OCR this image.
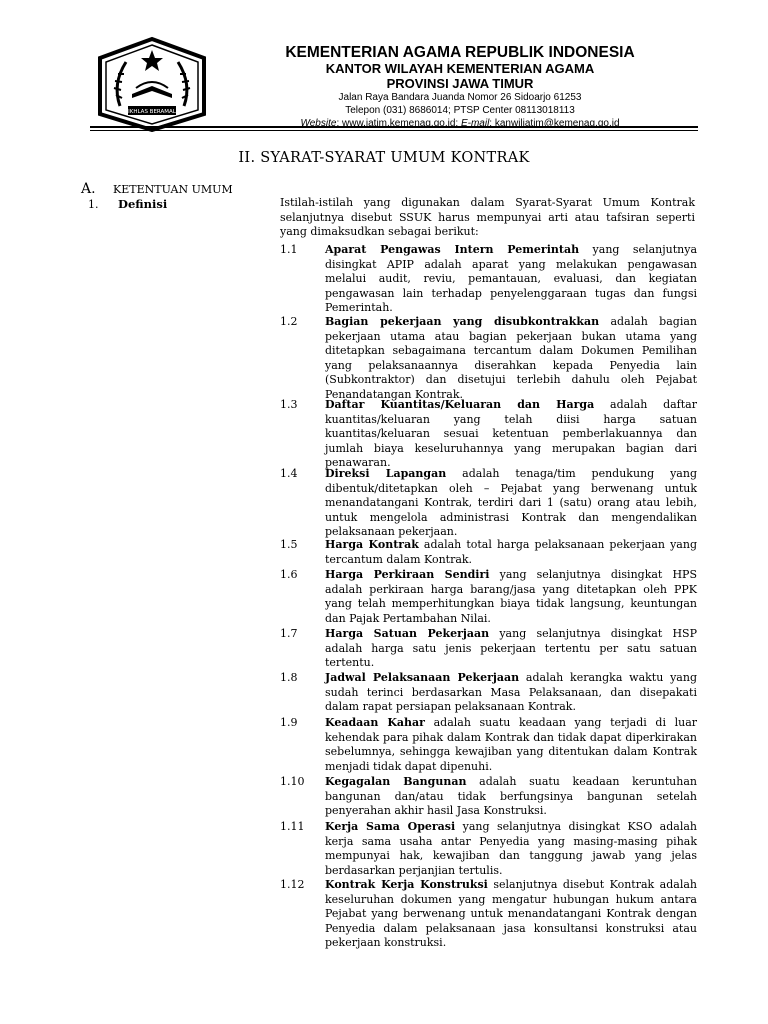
IKHLAS BERAMAL
KEMENTERIAN AGAMA REPUBLIK INDONESIA
KANTOR WILAYAH KEMENTERIAN AGAMA
PROVINSI JAWA TIMUR
Jalan Raya Bandara Juanda Nomor 26 Sidoarjo 61253
Telepon (031) 8686014; PTSP Center 08113018113
Website: www.jatim.kemenag.go.id; E-mail: kanwiljatim@kemenag.go.id
II. SYARAT-SYARAT UMUM KONTRAK
A. KETENTUAN UMUM
1. Definisi	Istilah-istilah yang digunakan dalam Syarat-Syarat Umum Kontrak selanjutnya disebut SSUK harus mempunyai arti atau tafsiran seperti yang dimaksudkan sebagai berikut:
1.1	Aparat Pengawas Intern Pemerintah yang selanjutnya disingkat APIP adalah aparat yang melakukan pengawasan melalui audit, reviu, pemantauan, evaluasi, dan kegiatan pengawasan lain terhadap penyelenggaraan tugas dan fungsi Pemerintah.
1.2	Bagian pekerjaan yang disubkontrakkan adalah bagian pekerjaan utama atau bagian pekerjaan bukan utama yang ditetapkan sebagaimana tercantum dalam Dokumen Pemilihan yang pelaksanaannya diserahkan kepada Penyedia lain (Subkontraktor) dan disetujui terlebih dahulu oleh Pejabat Penandatangan Kontrak.
1.3	Daftar Kuantitas/Keluaran dan Harga adalah daftar kuantitas/keluaran yang telah diisi harga satuan kuantitas/keluaran sesuai ketentuan pemberlakuannya dan jumlah biaya keseluruhannya yang merupakan bagian dari penawaran.
1.4	Direksi Lapangan adalah tenaga/tim pendukung yang dibentuk/ditetapkan oleh – Pejabat yang berwenang untuk menandatangani Kontrak, terdiri dari 1 (satu) orang atau lebih, untuk mengelola administrasi Kontrak dan mengendalikan pelaksanaan pekerjaan.
1.5	Harga Kontrak adalah total harga pelaksanaan pekerjaan yang tercantum dalam Kontrak.
1.6	Harga Perkiraan Sendiri yang selanjutnya disingkat HPS adalah perkiraan harga barang/jasa yang ditetapkan oleh PPK yang telah memperhitungkan biaya tidak langsung, keuntungan dan Pajak Pertambahan Nilai.
1.7	Harga Satuan Pekerjaan yang selanjutnya disingkat HSP adalah harga satu jenis pekerjaan tertentu per satu satuan tertentu.
1.8	Jadwal Pelaksanaan Pekerjaan adalah kerangka waktu yang sudah terinci berdasarkan Masa Pelaksanaan, dan disepakati dalam rapat persiapan pelaksanaan Kontrak.
1.9	Keadaan Kahar adalah suatu keadaan yang terjadi di luar kehendak para pihak dalam Kontrak dan tidak dapat diperkirakan sebelumnya, sehingga kewajiban yang ditentukan dalam Kontrak menjadi tidak dapat dipenuhi.
1.10	Kegagalan Bangunan adalah suatu keadaan keruntuhan bangunan dan/atau tidak berfungsinya bangunan setelah penyerahan akhir hasil Jasa Konstruksi.
1.11	Kerja Sama Operasi yang selanjutnya disingkat KSO adalah kerja sama usaha antar Penyedia yang masing-masing pihak mempunyai hak, kewajiban dan tanggung jawab yang jelas berdasarkan perjanjian tertulis.
1.12	Kontrak Kerja Konstruksi selanjutnya disebut Kontrak adalah keseluruhan dokumen yang mengatur hubungan hukum antara Pejabat yang berwenang untuk menandatangani Kontrak dengan Penyedia dalam pelaksanaan jasa konsultansi konstruksi atau pekerjaan konstruksi.
